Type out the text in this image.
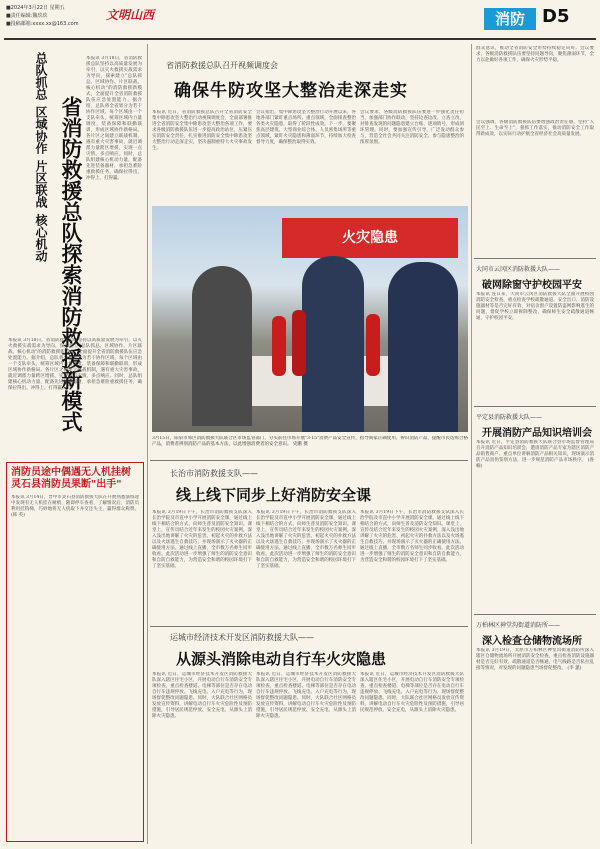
■2024年3月22日 星期五
■责任编辑:魏玖玖
■投稿邮箱:xxxx.xx@163.com
文明山西	消防 D5
总队抓总
区域协作
片区联战
核心机动 省消防救援总队探索消防救援新模式
本报讯 3月18日，省消防救援总队坚持以高质量发展为牵引，以灭火救援实战需求为导向，探索建立"总队抓总、区域协作、片区联战、核心机动"的消防救援新模式，全面提升全省消防救援队伍应急处置能力。据介绍，总队将全省划分为若干协作区域，每个区域由一个支队牵头，统筹区域内力量调度、装备保障和联勤联训，形成区域协作新格局。各片区之间建立联战机制，遇有重大灾害事故，就近调派力量跨区增援，实现一点灾情、多点响应。同时，总队组建核心机动力量，配备先进装备器材，承担急难险重救援任务，确保拉得出、冲得上、打得赢。
本报讯 3月18日，省消防救援总队坚持以高质量发展为牵引，以灭火救援实战需求为导向，探索建立"总队抓总、区域协作、片区联战、核心机动"的消防救援新模式，全面提升全省消防救援队伍应急处置能力。据介绍，总队将全省划分为若干协作区域，每个区域由一个支队牵头，统筹区域内力量调度、装备保障和联勤联训，形成区域协作新格局。各片区之间建立联战机制，遇有重大灾害事故，就近调派力量跨区增援，实现一点灾情、多点响应。同时，总队组建核心机动力量，配备先进装备器材，承担急难险重救援任务，确保拉得出、冲得上、打得赢。
消防员途中偶遇无人机挂树 灵石县消防员果断"出手"
本报讯 3月14日，晋中市灵石县消防救援大队在开展熟悉演练途中发现有无人机挂在树梢，随即停车查看，了解情况后，消防员利用挂钩梯，巧妙地将无人机取下并交还失主，赢得群众称赞。 (韩 英)
省消防救援总队召开视频调度会
确保牛防攻坚大整治走深走实
本报讯 近日，省消防救援总队召开全省消防安全集中除患攻坚大整治行动视频调度会，全面部署推进全省消防安全集中除患攻坚大整治各项工作，要求各级消防救援队伍进一步提高政治站位，压紧压实消防安全责任，扎实推进消防安全集中除患攻坚大整治行动走深走实，坚决遏制重特大火灾事故发生。
会议指出，集中除患攻坚大整治行动开展以来，各地各部门紧盯重点场所、重点领域，全面排查整治各类火灾隐患，取得了阶段性成效。下一步，要聚焦高层建筑、大型商业综合体、人员密集场所等重点领域，紧盯火灾隐患和薄弱环节，持续加大检查督导力度，确保整治取得实效。
会议要求，各级消防救援队伍要进一步强化责任担当，加强部门协作联动，坚持边查边改、立查立改，对排查发现的问题隐患建立台账、逐项销号，形成闭环管理。同时，要加强宣传引导，广泛发动群众参与，营造全社会共同关注消防安全、参与隐患整治的浓厚氛围。
火灾隐患
3月15日，阳泉市郊区消防救援大队联合区市场监管部门，分头前往市场开展"3·15"消费产品安全宣传，指导商家正确使用、辨识消防产品，提醒市民选购合格产品，消费者辨别消防产品的基本方法，以此增强消费者的安全意识。 史鹏 摄
长治市消防救援支队——
线上线下同步上好消防安全课
本报讯 3月19日下午，长治市消防救援支队深入长治学院及市直中小学开展消防安全课，通过线上线下相结合的方式，向师生普及消防安全知识。课堂上，宣传员结合近年来发生的校园火灾案例，深入浅出地讲解了火灾的危害、初起火灾的扑救方法以及火场逃生自救技巧，并现场演示了灭火器的正确使用方法。通过线上直播，全市数万名师生同步收看。此次活动进一步增强了师生的消防安全意识和自防自救能力，为营造安全和谐的校园环境打下了坚实基础。
本报讯 3月19日下午，长治市消防救援支队深入长治学院及市直中小学开展消防安全课，通过线上线下相结合的方式，向师生普及消防安全知识。课堂上，宣传员结合近年来发生的校园火灾案例，深入浅出地讲解了火灾的危害、初起火灾的扑救方法以及火场逃生自救技巧，并现场演示了灭火器的正确使用方法。通过线上直播，全市数万名师生同步收看。此次活动进一步增强了师生的消防安全意识和自防自救能力，为营造安全和谐的校园环境打下了坚实基础。
本报讯 3月19日下午，长治市消防救援支队深入长治学院及市直中小学开展消防安全课，通过线上线下相结合的方式，向师生普及消防安全知识。课堂上，宣传员结合近年来发生的校园火灾案例，深入浅出地讲解了火灾的危害、初起火灾的扑救方法以及火场逃生自救技巧，并现场演示了灭火器的正确使用方法。通过线上直播，全市数万名师生同步收看。此次活动进一步增强了师生的消防安全意识和自防自救能力，为营造安全和谐的校园环境打下了坚实基础。
运城市经济技术开发区消防救援大队——
从源头消除电动自行车火灾隐患
本报讯 近日，运城市经济技术开发区消防救援大队深入辖区住宅小区，开展电动自行车消防安全专项检查，重点检查楼道、电梯等部位是否存在电动自行车违规停放、飞线充电、入户充电等行为，现场督促整改问题隐患。同时，大队联合社区网格员发放宣传资料，讲解电动自行车火灾危险性及预防措施，引导居民规范停放、安全充电，从源头上消除火灾隐患。
本报讯 近日，运城市经济技术开发区消防救援大队深入辖区住宅小区，开展电动自行车消防安全专项检查，重点检查楼道、电梯等部位是否存在电动自行车违规停放、飞线充电、入户充电等行为，现场督促整改问题隐患。同时，大队联合社区网格员发放宣传资料，讲解电动自行车火灾危险性及预防措施，引导居民规范停放、安全充电，从源头上消除火灾隐患。
本报讯 近日，运城市经济技术开发区消防救援大队深入辖区住宅小区，开展电动自行车消防安全专项检查，重点检查楼道、电梯等部位是否存在电动自行车违规停放、飞线充电、入户充电等行为，现场督促整改问题隐患。同时，大队联合社区网格员发放宣传资料，讲解电动自行车火灾危险性及预防措施，引导居民规范停放、安全充电，从源头上消除火灾隐患。
群众意识，推动全省消防安全形势持续稳定向好。会议要求，各级消防救援队伍要坚持问题导向，聚焦薄弱环节，全力以赴做好各项工作，确保火灾形势平稳。
会议强调，各级消防救援队伍要增强政治责任感，坚持"人民至上、生命至上"，狠抓工作落实，推动消防安全工作取得新成效，以实际行动护航全省经济社会高质量发展。
大同市云冈区消防救援大队——
破网除窗守护校园平安
本报讯 连日来，大同市云冈区消防救援大队全面开展校园消防安全检查，重点检查学校疏散通道、安全出口、消防设施器材等是否完好有效，对宿舍窗户设置防盗网影响逃生的问题，督促学校立即拆除整改，确保师生安全疏散通道畅通，守护校园平安。
平定县消防救援大队——
开展消防产品知识培训会
本报讯 近日，平定县消防救援大队联合县市场监督管理局召开消防产品知识培训会，邀请消防产品专家为辖区消防产品销售商户、重点单位讲解消防产品相关知识，现场演示消防产品真伪鉴别方法，进一步规范消防产品市场秩序。 (鲁 楠)
万柏林区神堂沟街道消防所——
深入检查仓储物流场所
本报讯 3月19日，太原市万柏林区神堂沟街道消防所深入辖区仓储物流场所开展消防安全检查，重点检查消防设施器材是否完好有效，疏散通道是否畅通，电气线路是否私拉乱接等情况，对发现的问题隐患当场督促整改。 (李 蕙)
